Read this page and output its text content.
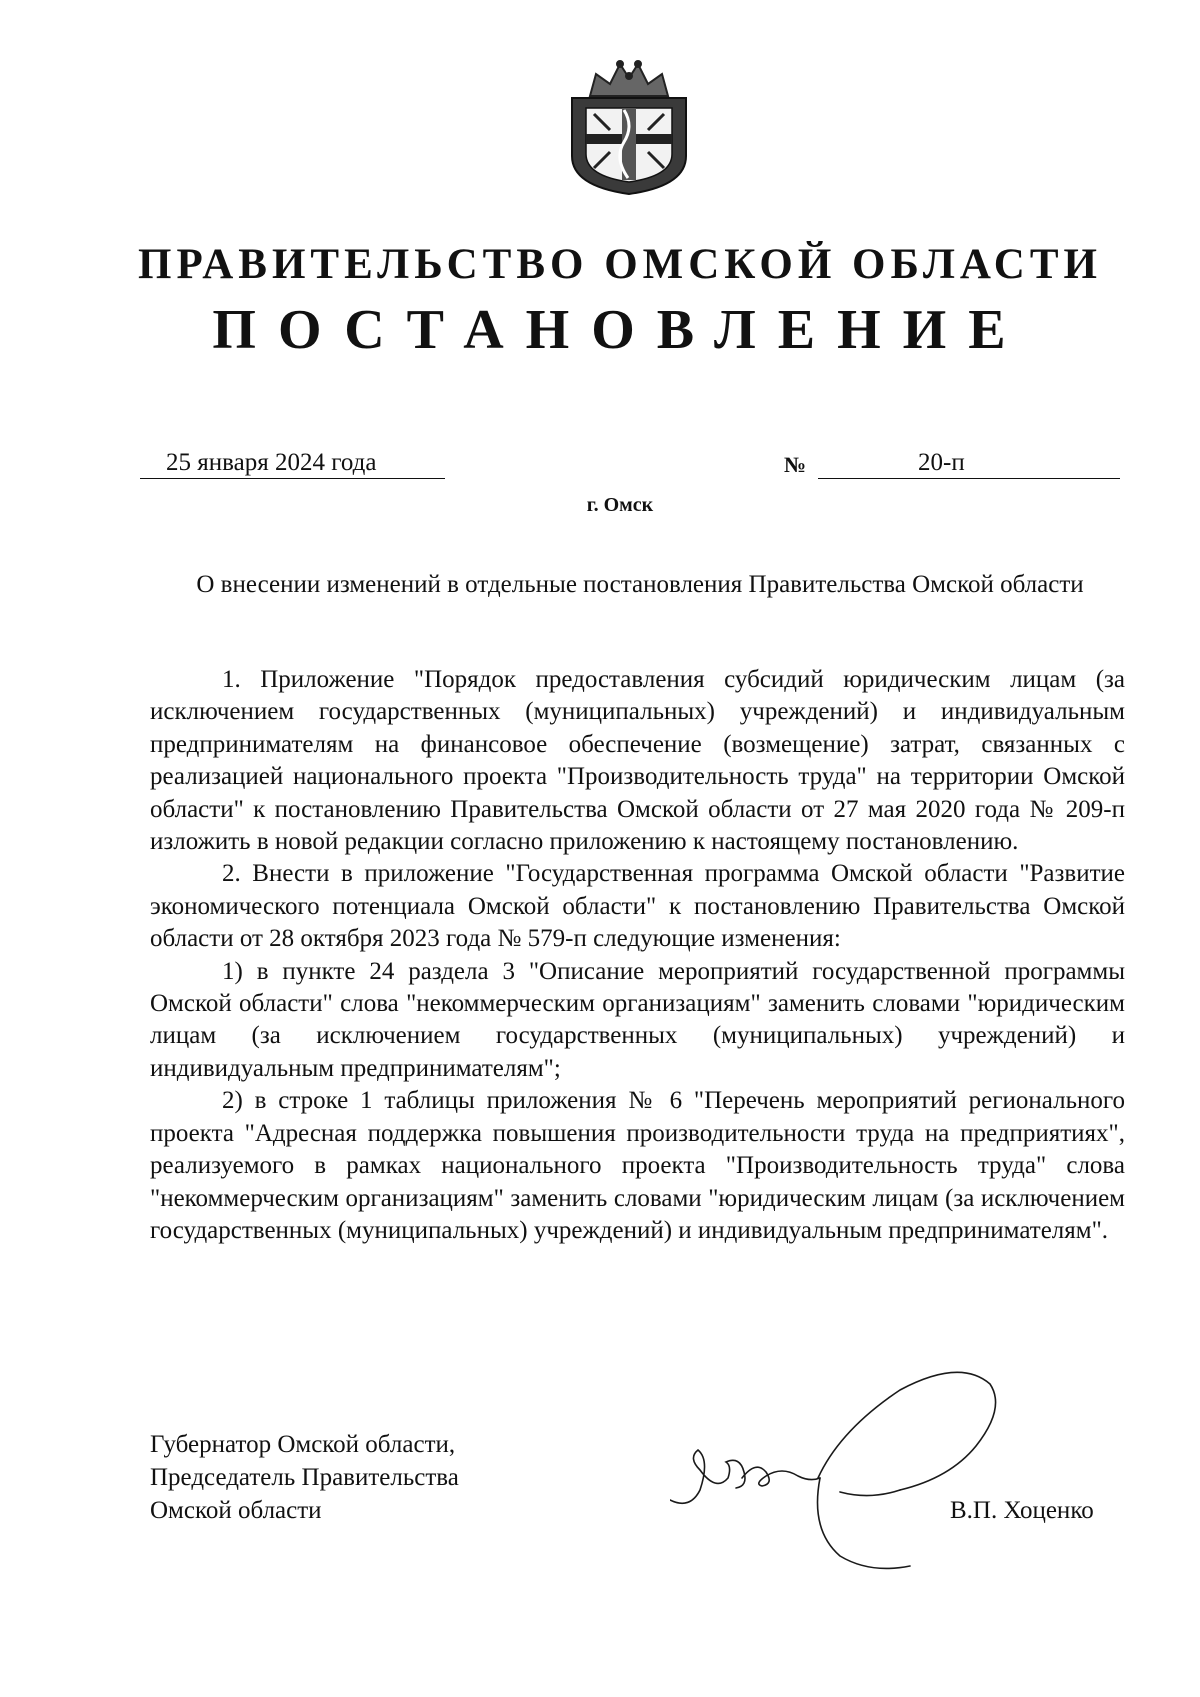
ПРАВИТЕЛЬСТВО ОМСКОЙ ОБЛАСТИ
ПОСТАНОВЛЕНИЕ
25 января 2024 года	№	20-п
г. Омск
О внесении изменений в отдельные постановления Правительства Омской области

1. Приложение "Порядок предоставления субсидий юридическим лицам (за исключением государственных (муниципальных) учреждений) и индивидуальным предпринимателям на финансовое обеспечение (возмещение) затрат, связанных с реализацией национального проекта "Производительность труда" на территории Омской области" к постановлению Правительства Омской области от 27 мая 2020 года № 209-п изложить в новой редакции согласно приложению к настоящему постановлению.

2. Внести в приложение "Государственная программа Омской области "Развитие экономического потенциала Омской области" к постановлению Правительства Омской области от 28 октября 2023 года № 579-п следующие изменения:

1) в пункте 24 раздела 3 "Описание мероприятий государственной программы Омской области" слова "некоммерческим организациям" заменить словами "юридическим лицам (за исключением государственных (муниципальных) учреждений) и индивидуальным предпринимателям";

2) в строке 1 таблицы приложения № 6 "Перечень мероприятий регионального проекта "Адресная поддержка повышения производительности труда на предприятиях", реализуемого в рамках национального проекта "Производительность труда" слова "некоммерческим организациям" заменить словами "юридическим лицам (за исключением государственных (муниципальных) учреждений) и индивидуальным предпринимателям".

Губернатор Омской области,
Председатель Правительства
Омской области	В.П. Хоценко
